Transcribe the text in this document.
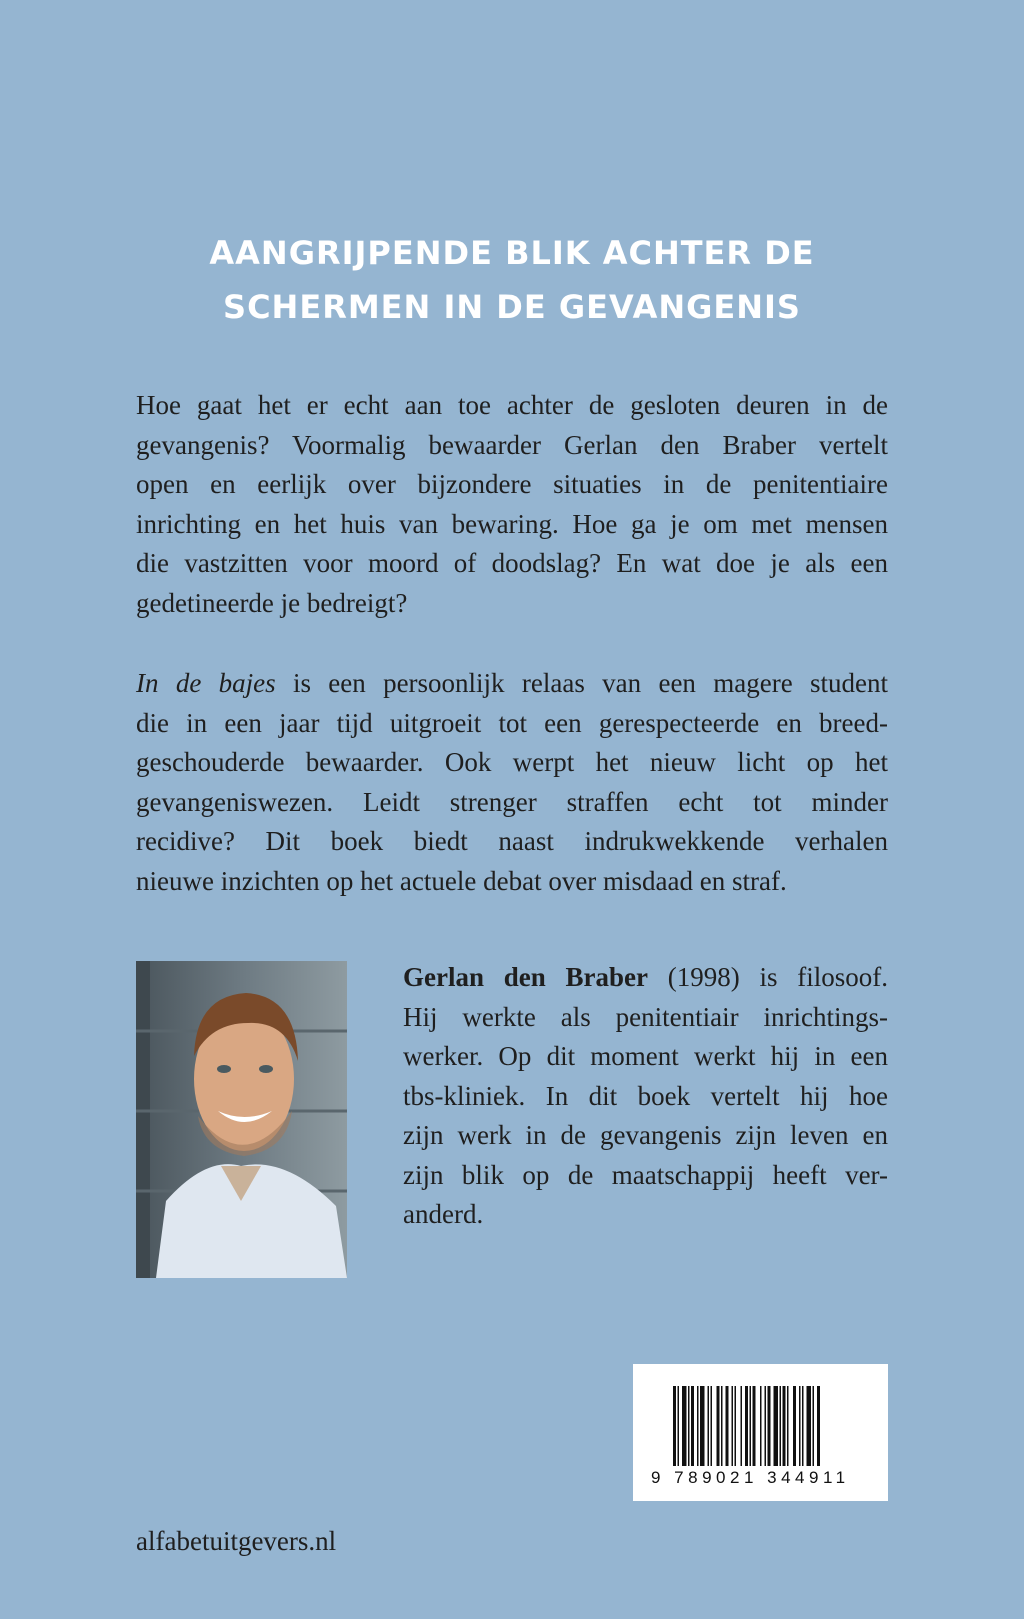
AANGRIJPENDE BLIK ACHTER DE
SCHERMEN IN DE GEVANGENIS

Hoe gaat het er echt aan toe achter de gesloten deuren in de
gevangenis? Voormalig bewaarder Gerlan den Braber vertelt
open en eerlijk over bijzondere situaties in de penitentiaire
inrichting en het huis van bewaring. Hoe ga je om met mensen
die vastzitten voor moord of doodslag? En wat doe je als een
gedetineerde je bedreigt?

In de bajes is een persoonlijk relaas van een magere student
die in een jaar tijd uitgroeit tot een gerespecteerde en breed-
geschouderde bewaarder. Ook werpt het nieuw licht op het
gevangeniswezen. Leidt strenger straffen echt tot minder
recidive? Dit boek biedt naast indrukwekkende verhalen
nieuwe inzichten op het actuele debat over misdaad en straf.

Gerlan den Braber (1998) is filosoof.
Hij werkte als penitentiair inrichtings-
werker. Op dit moment werkt hij in een
tbs-kliniek. In dit boek vertelt hij hoe
zijn werk in de gevangenis zijn leven en
zijn blik op de maatschappij heeft ver-
anderd.

9 789021 344911
alfabetuitgevers.nl
